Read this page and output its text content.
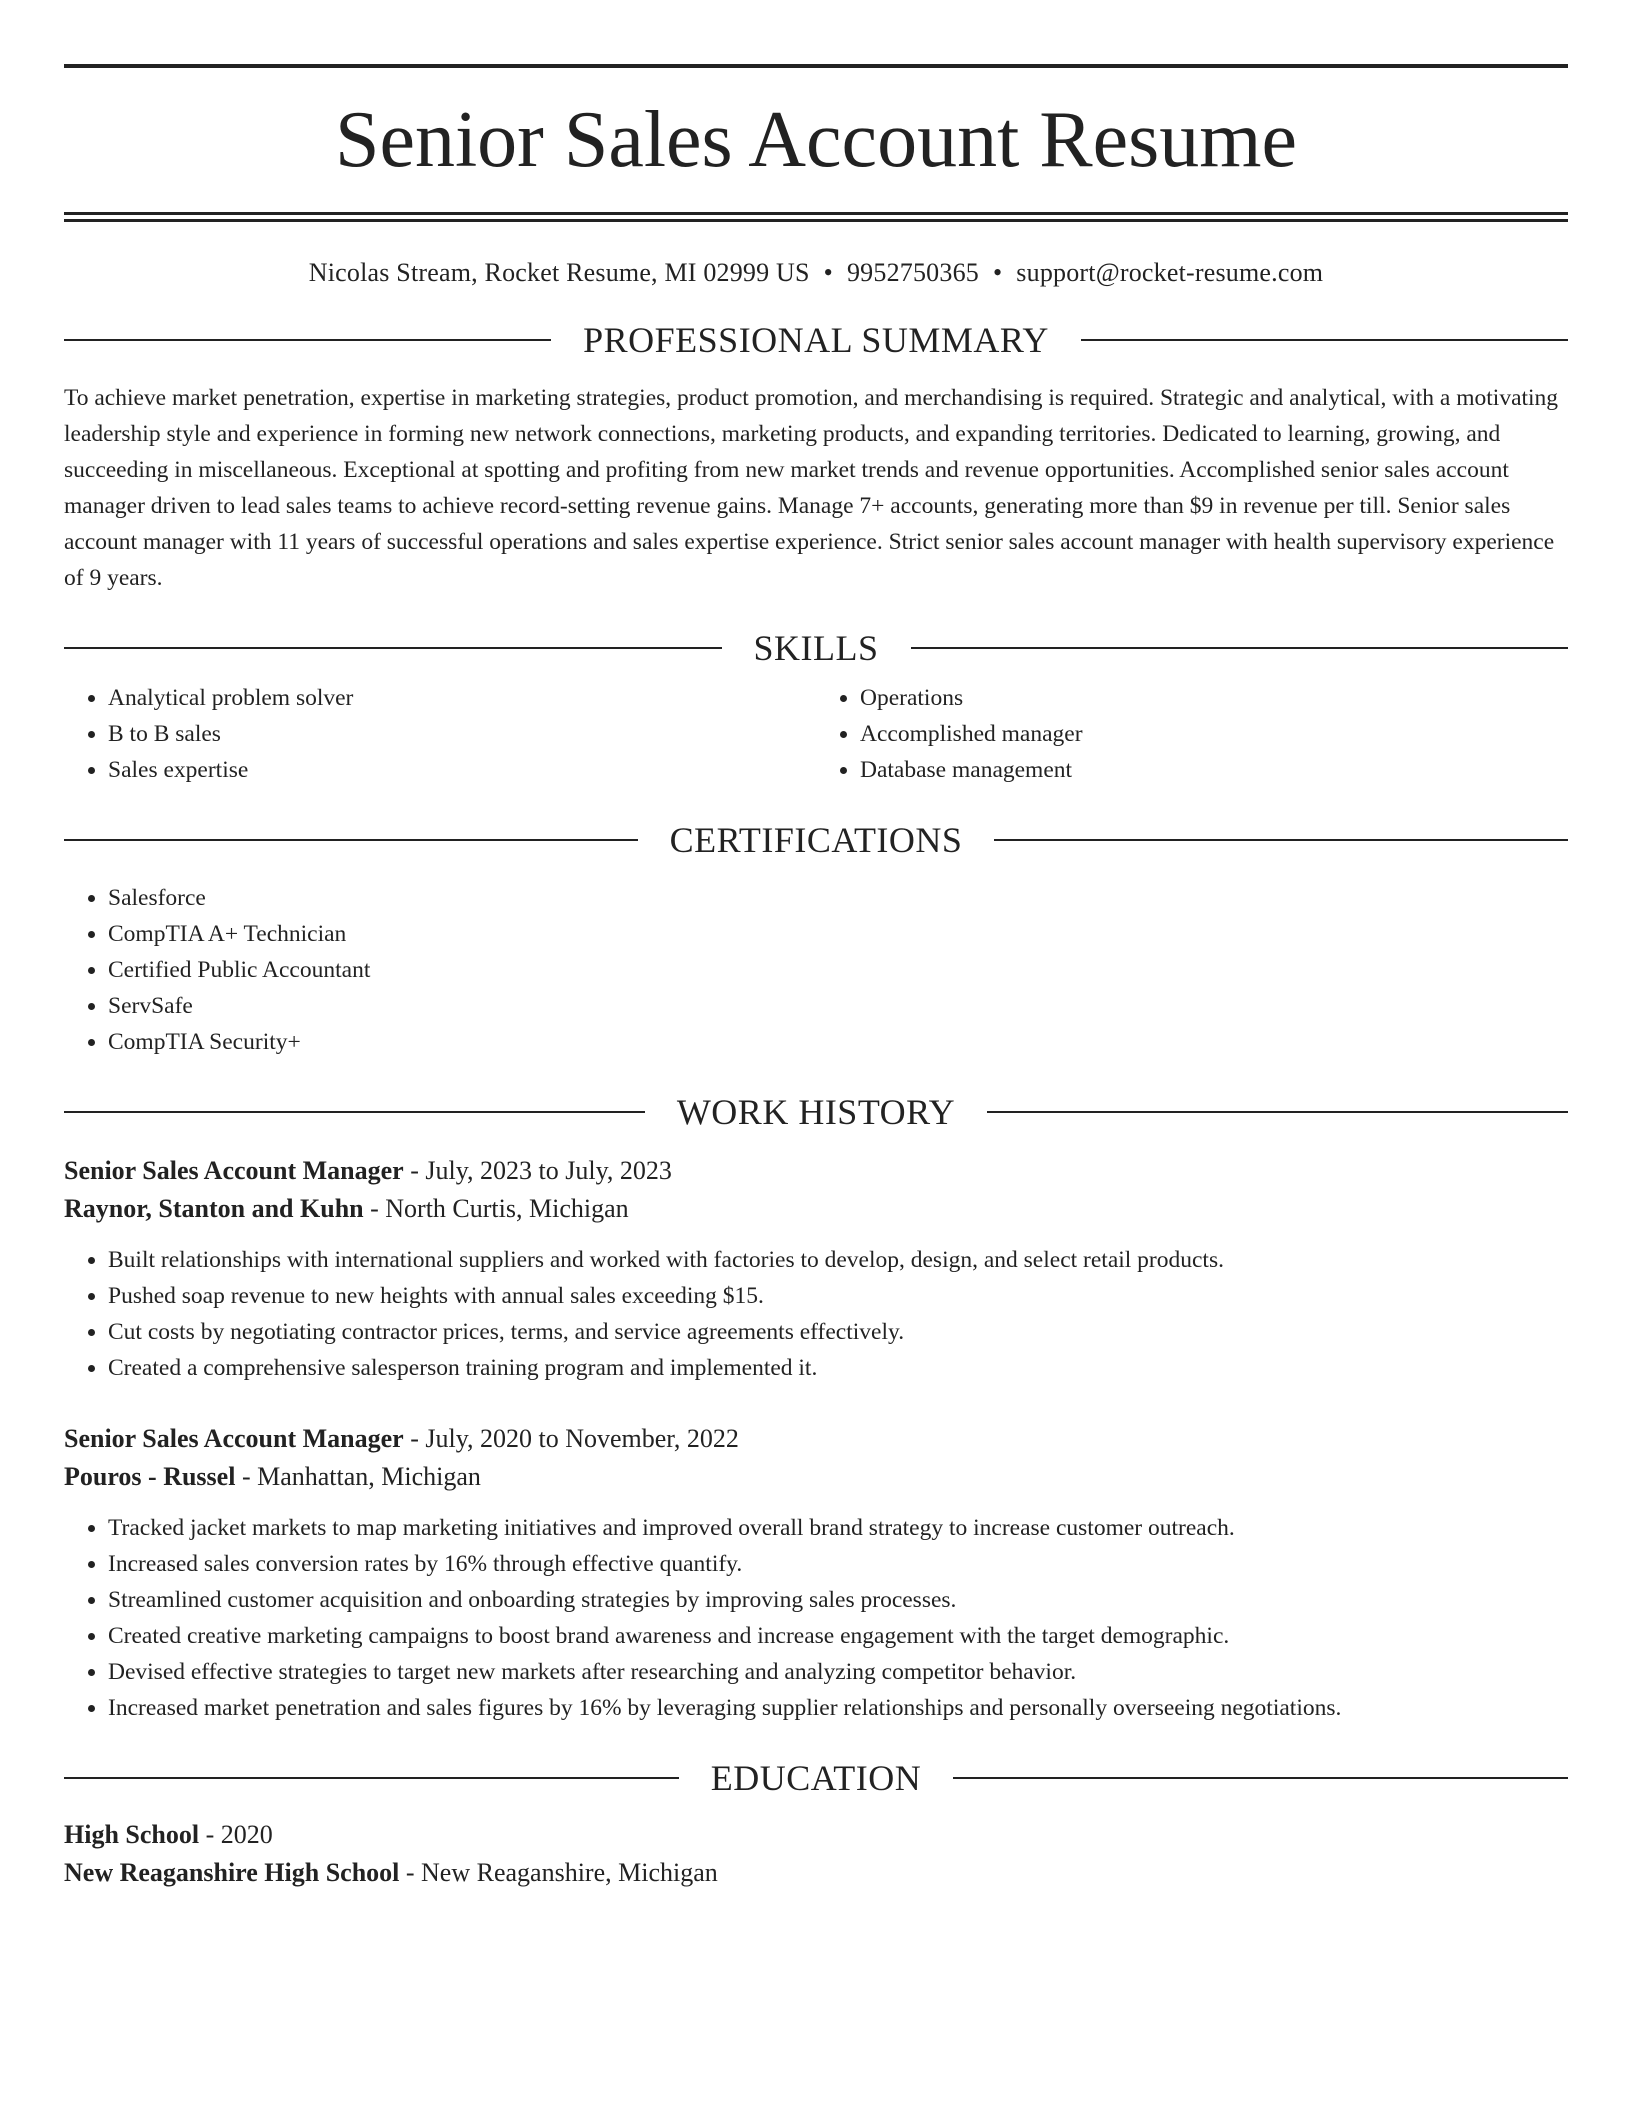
Senior Sales Account Resume
Nicolas Stream, Rocket Resume, MI 02999 US • 9952750365 • support@rocket-resume.com
PROFESSIONAL SUMMARY

To achieve market penetration, expertise in marketing strategies, product promotion, and merchandising is required. Strategic and analytical, with a motivating leadership style and experience in forming new network connections, marketing products, and expanding territories. Dedicated to learning, growing, and succeeding in miscellaneous. Exceptional at spotting and profiting from new market trends and revenue opportunities. Accomplished senior sales account manager driven to lead sales teams to achieve record-setting revenue gains. Manage 7+ accounts, generating more than $9 in revenue per till. Senior sales account manager with 11 years of successful operations and sales expertise experience. Strict senior sales account manager with health supervisory experience of 9 years.

SKILLS
• Analytical problem solver
• B to B sales
• Sales expertise
• Operations
• Accomplished manager
• Database management
CERTIFICATIONS
• Salesforce
• CompTIA A+ Technician
• Certified Public Accountant
• ServSafe
• CompTIA Security+
WORK HISTORY
Senior Sales Account Manager - July, 2023 to July, 2023
Raynor, Stanton and Kuhn - North Curtis, Michigan
• Built relationships with international suppliers and worked with factories to develop, design, and select retail products.
• Pushed soap revenue to new heights with annual sales exceeding $15.
• Cut costs by negotiating contractor prices, terms, and service agreements effectively.
• Created a comprehensive salesperson training program and implemented it.
Senior Sales Account Manager - July, 2020 to November, 2022
Pouros - Russel - Manhattan, Michigan
• Tracked jacket markets to map marketing initiatives and improved overall brand strategy to increase customer outreach.
• Increased sales conversion rates by 16% through effective quantify.
• Streamlined customer acquisition and onboarding strategies by improving sales processes.
• Created creative marketing campaigns to boost brand awareness and increase engagement with the target demographic.
• Devised effective strategies to target new markets after researching and analyzing competitor behavior.
• Increased market penetration and sales figures by 16% by leveraging supplier relationships and personally overseeing negotiations.
EDUCATION
High School - 2020
New Reaganshire High School - New Reaganshire, Michigan
